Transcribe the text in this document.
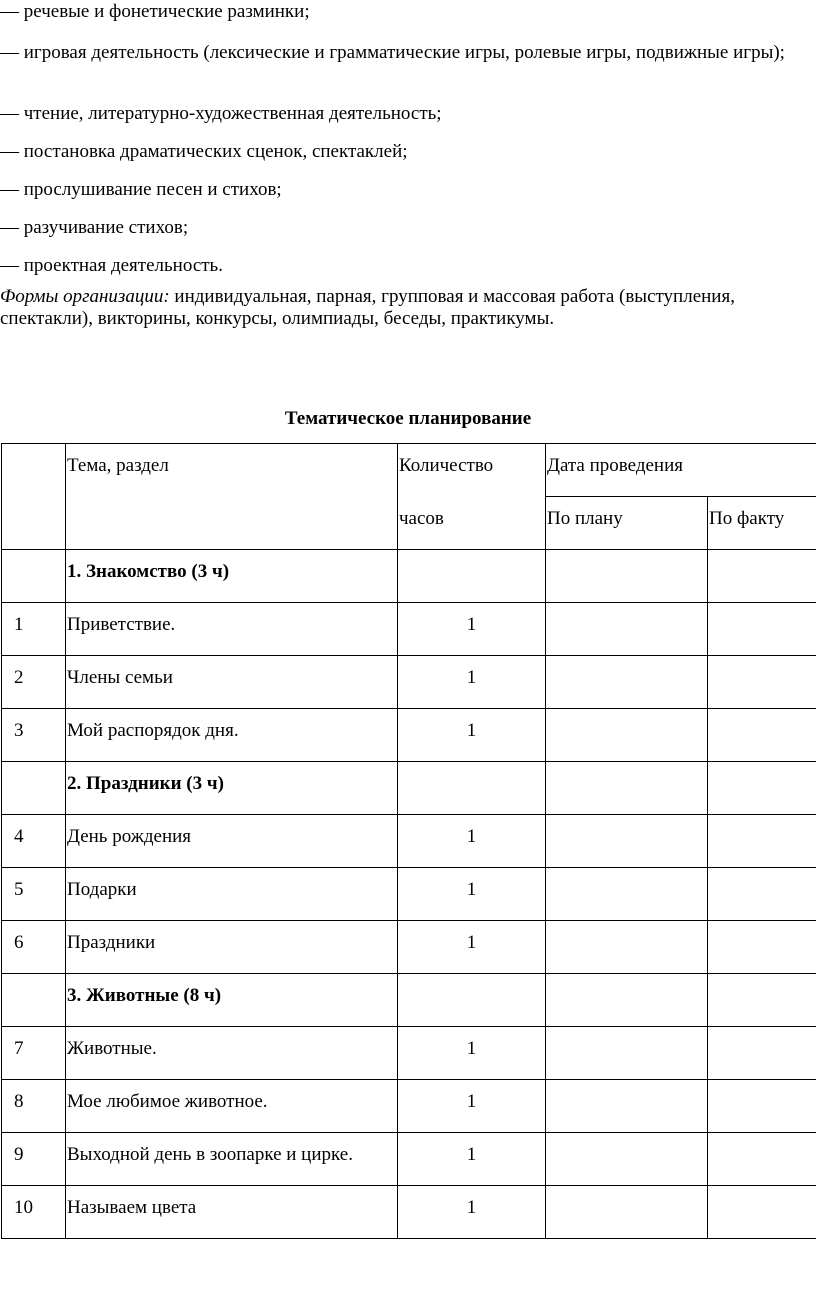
— речевые и фонетические разминки;

— игровая деятельность (лексические и грамматические игры, ролевые игры, подвижные игры);

— чтение, литературно-художественная деятельность;

— постановка драматических сценок, спектаклей;

— прослушивание песен и стихов;

— разучивание стихов;

— проектная деятельность.

Формы организации: индивидуальная, парная, групповая и массовая работа (выступления, спектакли), викторины, конкурсы, олимпиады, беседы, практикумы.

Тематическое планирование

	Тема, раздел	Количество	Дата проведения	

		часов	По плану	По факту

	1. Знакомство (3 ч)			

1	Приветствие.	1		

2	Члены семьи	1		

3	Мой распорядок дня.	1		

	2. Праздники (3 ч)			

4	День рождения	1		

5	Подарки	1		

6	Праздники	1		

	3. Животные (8 ч)			

7	Животные.	1		

8	Мое любимое животное.	1		

9	Выходной день в зоопарке и цирке.	1		

10	Называем цвета	1		
